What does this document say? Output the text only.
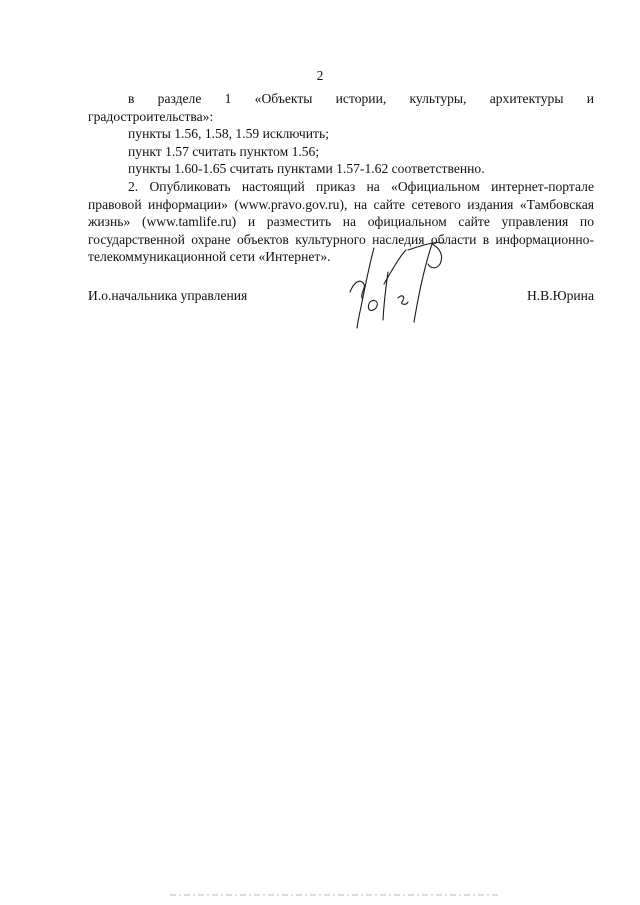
2

в разделе 1 «Объекты истории, культуры, архитектуры и

градостроительства»:

пункты 1.56, 1.58, 1.59 исключить;

пункт 1.57 считать пунктом 1.56;

пункты 1.60-1.65 считать пунктами 1.57-1.62 соответственно.

2. Опубликовать настоящий приказ на «Официальном интернет-портале правовой информации» (www.pravo.gov.ru), на сайте сетевого издания «Тамбовская жизнь» (www.tamlife.ru) и разместить на официальном сайте управления по государственной охране объектов культурного наследия области в информационно-телекоммуникационной сети «Интернет».

И.о.начальника управления	Н.В.Юрина
